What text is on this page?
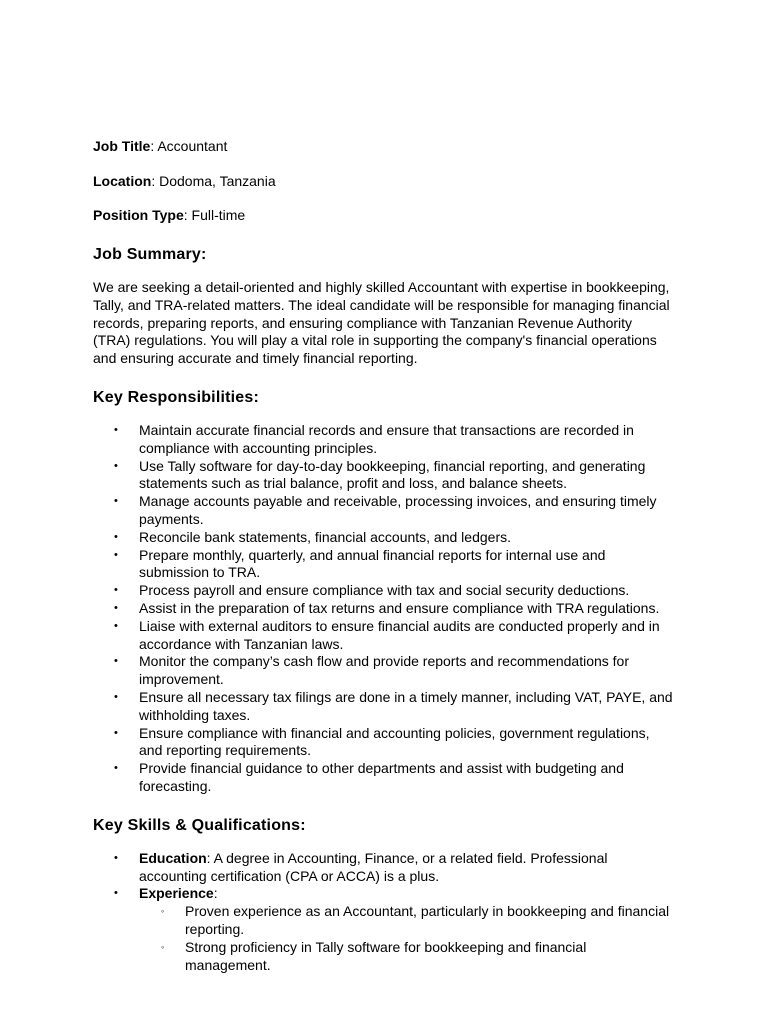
Job Title: Accountant

Location: Dodoma, Tanzania

Position Type: Full-time

Job Summary:

We are seeking a detail-oriented and highly skilled Accountant with expertise in bookkeeping, Tally, and TRA-related matters. The ideal candidate will be responsible for managing financial records, preparing reports, and ensuring compliance with Tanzanian Revenue Authority (TRA) regulations. You will play a vital role in supporting the company's financial operations and ensuring accurate and timely financial reporting.

Key Responsibilities:
• Maintain accurate financial records and ensure that transactions are recorded in compliance with accounting principles.
• Use Tally software for day-to-day bookkeeping, financial reporting, and generating statements such as trial balance, profit and loss, and balance sheets.
• Manage accounts payable and receivable, processing invoices, and ensuring timely payments.
• Reconcile bank statements, financial accounts, and ledgers.
• Prepare monthly, quarterly, and annual financial reports for internal use and submission to TRA.
• Process payroll and ensure compliance with tax and social security deductions.
• Assist in the preparation of tax returns and ensure compliance with TRA regulations.
• Liaise with external auditors to ensure financial audits are conducted properly and in accordance with Tanzanian laws.
• Monitor the company’s cash flow and provide reports and recommendations for improvement.
• Ensure all necessary tax filings are done in a timely manner, including VAT, PAYE, and withholding taxes.
• Ensure compliance with financial and accounting policies, government regulations, and reporting requirements.
• Provide financial guidance to other departments and assist with budgeting and forecasting.
Key Skills & Qualifications:
• Education: A degree in Accounting, Finance, or a related field. Professional accounting certification (CPA or ACCA) is a plus.
• Experience:
◦ Proven experience as an Accountant, particularly in bookkeeping and financial reporting.
◦ Strong proficiency in Tally software for bookkeeping and financial management.
